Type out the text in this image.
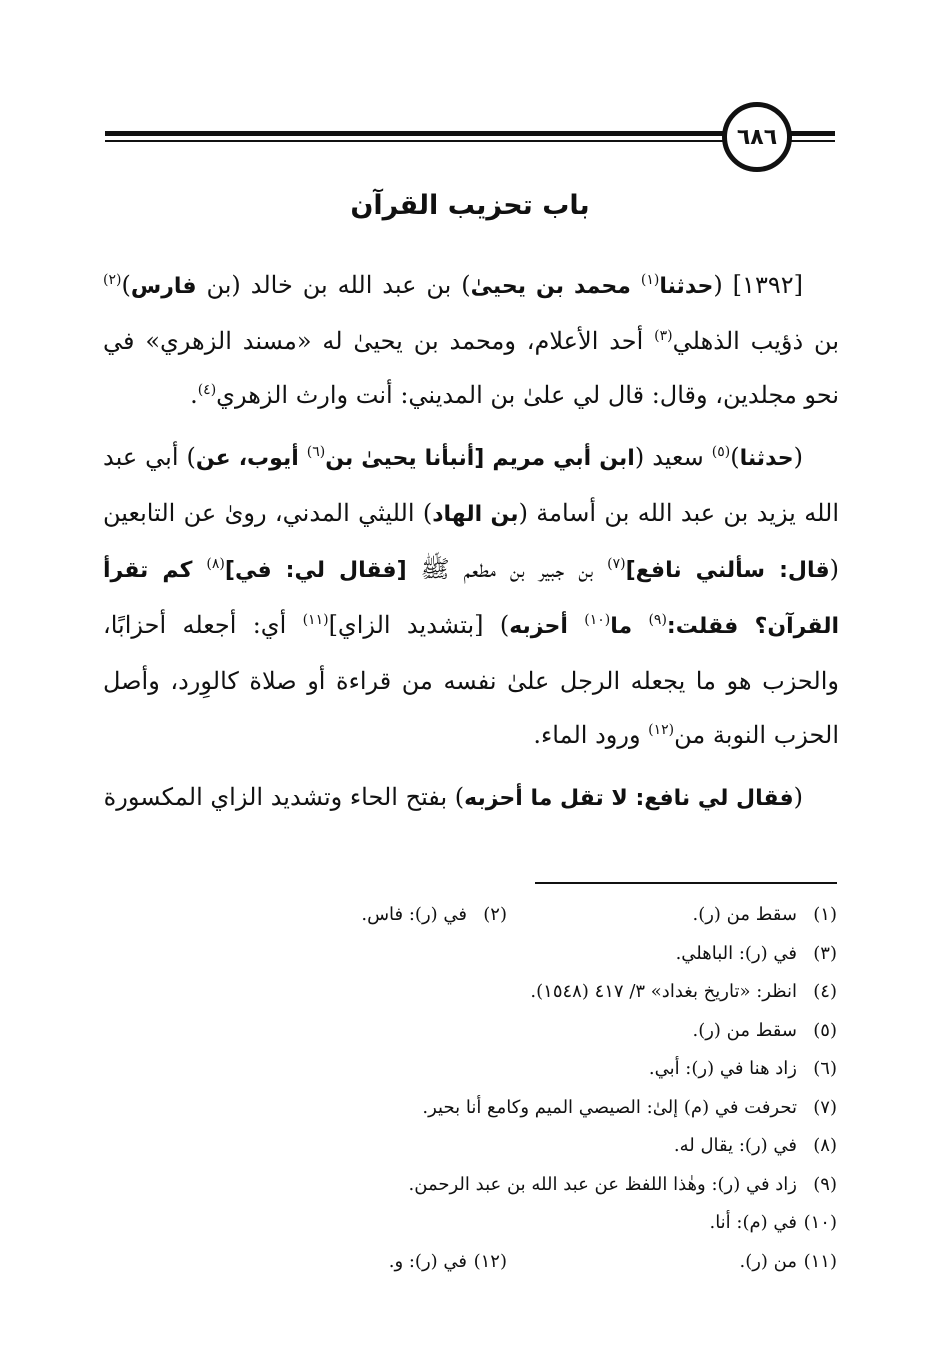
٦٨٦
باب تحزيب القرآن

[١٣٩٢] (حدثنا$^{(١)}$ محمد بن يحيىٰ) بن عبد الله بن خالد (بن فارس)$^{(٢)}$ بن ذؤيب الذهلي$^{(٣)}$ أحد الأعلام، ومحمد بن يحيىٰ له «مسند الزهري» في نحو مجلدين، وقال: قال لي علىٰ بن المديني: أنت وارث الزهري$^{(٤)}$.

(حدثنا)$^{(٥)}$ سعيد (ابن أبي مريم [أنبأنا يحيىٰ بن$^{(٦)}$ أيوب، عن) أبي عبد الله يزيد بن عبد الله بن أسامة (بن الهاد) الليثي المدني، روىٰ عن التابعين (قال: سألني نافع]$^{(٧)}$ بن جبير بن مطعم ﷺ [فقال لي: في]$^{(٨)}$ كم تقرأ القرآن؟ فقلت:$^{(٩)}$ ما$^{(١٠)}$ أحزبه) [بتشديد الزاي]$^{(١١)}$ أي: أجعله أحزابًا، والحزب هو ما يجعله الرجل علىٰ نفسه من قراءة أو صلاة كالوِرد، وأصل الحزب النوبة من$^{(١٢)}$ ورود الماء.

(فقال لي نافع: لا تقل ما أحزبه) بفتح الحاء وتشديد الزاي المكسورة

(١)
سقط من (ر).
(٢)
في (ر): فاس.
(٣)
في (ر): الباهلي.
(٤)
انظر: «تاريخ بغداد» ٣/ ٤١٧ (١٥٤٨).
(٥)
سقط من (ر).
(٦)
زاد هنا في (ر): أبي.
(٧)
تحرفت في (م) إلىٰ: الصيصي الميم وكامع أنا بحير.
(٨)
في (ر): يقال له.
(٩)
زاد في (ر): وهٰذا اللفظ عن عبد الله بن عبد الرحمن.
(١٠)
في (م): أنا.
(١١)
من (ر).
(١٢)
في (ر): و.
